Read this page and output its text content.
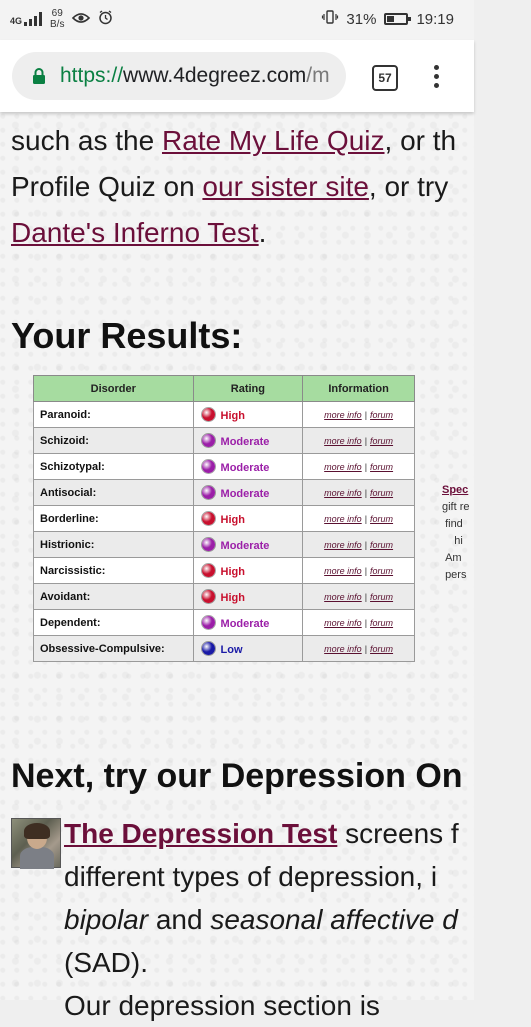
4G
69
B/s	31%	19:19
https://www.4degreez.com/m	57
such as the Rate My Life Quiz, or th
Profile Quiz on our sister site, or try
Dante's Inferno Test.
Your Results:
Disorder	Rating	Information
Paranoid:	High	more info | forum
Schizoid:	Moderate	more info | forum
Schizotypal:	Moderate	more info | forum
Antisocial:	Moderate	more info | forum
Borderline:	High	more info | forum
Histrionic:	Moderate	more info | forum
Narcissistic:	High	more info | forum
Avoidant:	High	more info | forum
Dependent:	Moderate	more info | forum
Obsessive-Compulsive:	Low	more info | forum
Spec
gift re
find
hi
Am
pers
Next, try our Depression On
The Depression Test screens f
different types of depression, i
bipolar and seasonal affective d
(SAD).
Our depression section is
